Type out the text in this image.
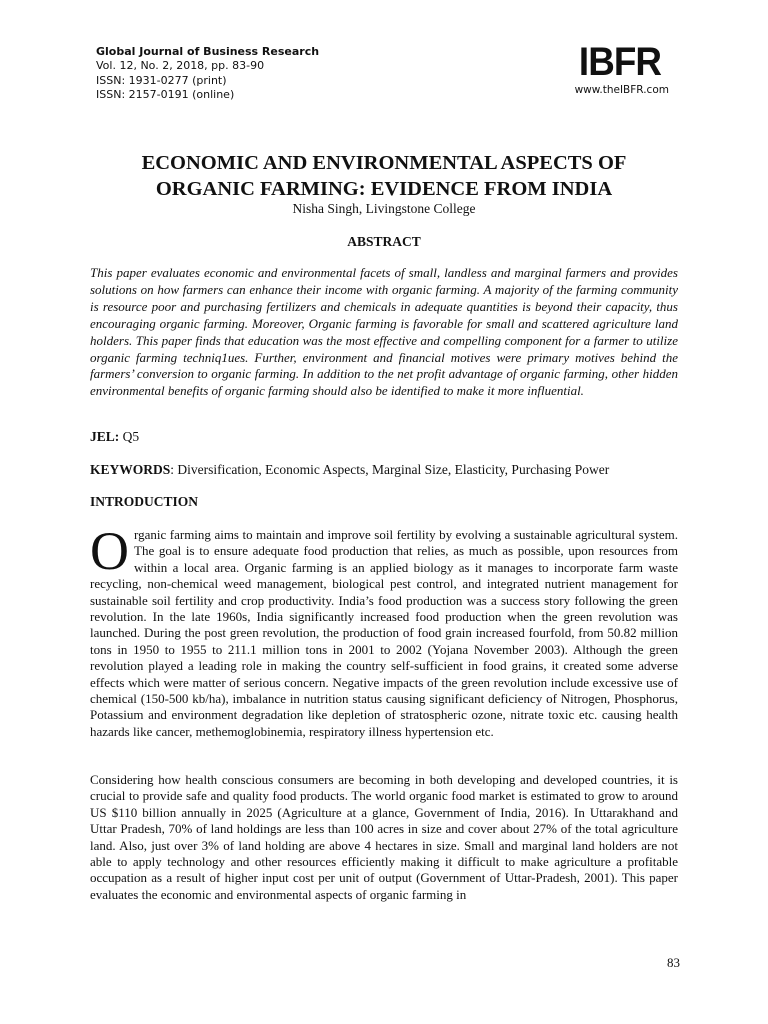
Global Journal of Business Research
Vol. 12, No. 2, 2018, pp. 83-90
ISSN: 1931-0277 (print)
ISSN: 2157-0191 (online)
IBFR
www.theIBFR.com
ECONOMIC AND ENVIRONMENTAL ASPECTS OF ORGANIC FARMING: EVIDENCE FROM INDIA
Nisha Singh, Livingstone College
ABSTRACT

This paper evaluates economic and environmental facets of small, landless and marginal farmers and provides solutions on how farmers can enhance their income with organic farming. A majority of the farming community is resource poor and purchasing fertilizers and chemicals in adequate quantities is beyond their capacity, thus encouraging organic farming. Moreover, Organic farming is favorable for small and scattered agriculture land holders. This paper finds that education was the most effective and compelling component for a farmer to utilize organic farming techniq1ues. Further, environment and financial motives were primary motives behind the farmers’ conversion to organic farming. In addition to the net profit advantage of organic farming, other hidden environmental benefits of organic farming should also be identified to make it more influential.

JEL: Q5
KEYWORDS: Diversification, Economic Aspects, Marginal Size, Elasticity, Purchasing Power
INTRODUCTION

Organic farming aims to maintain and improve soil fertility by evolving a sustainable agricultural system. The goal is to ensure adequate food production that relies, as much as possible, upon resources from within a local area. Organic farming is an applied biology as it manages to incorporate farm waste recycling, non-chemical weed management, biological pest control, and integrated nutrient management for sustainable soil fertility and crop productivity. India’s food production was a success story following the green revolution. In the late 1960s, India significantly increased food production when the green revolution was launched. During the post green revolution, the production of food grain increased fourfold, from 50.82 million tons in 1950 to 1955 to 211.1 million tons in 2001 to 2002 (Yojana November 2003). Although the green revolution played a leading role in making the country self-sufficient in food grains, it created some adverse effects which were matter of serious concern. Negative impacts of the green revolution include excessive use of chemical (150-500 kb/ha), imbalance in nutrition status causing significant deficiency of Nitrogen, Phosphorus, Potassium and environment degradation like depletion of stratospheric ozone, nitrate toxic etc. causing health hazards like cancer, methemoglobinemia, respiratory illness hypertension etc.

Considering how health conscious consumers are becoming in both developing and developed countries, it is crucial to provide safe and quality food products. The world organic food market is estimated to grow to around US $110 billion annually in 2025 (Agriculture at a glance, Government of India, 2016). In Uttarakhand and Uttar Pradesh, 70% of land holdings are less than 100 acres in size and cover about 27% of the total agriculture land. Also, just over 3% of land holding are above 4 hectares in size. Small and marginal land holders are not able to apply technology and other resources efficiently making it difficult to make agriculture a profitable occupation as a result of higher input cost per unit of output (Government of Uttar-Pradesh, 2001). This paper evaluates the economic and environmental aspects of organic farming in

83
